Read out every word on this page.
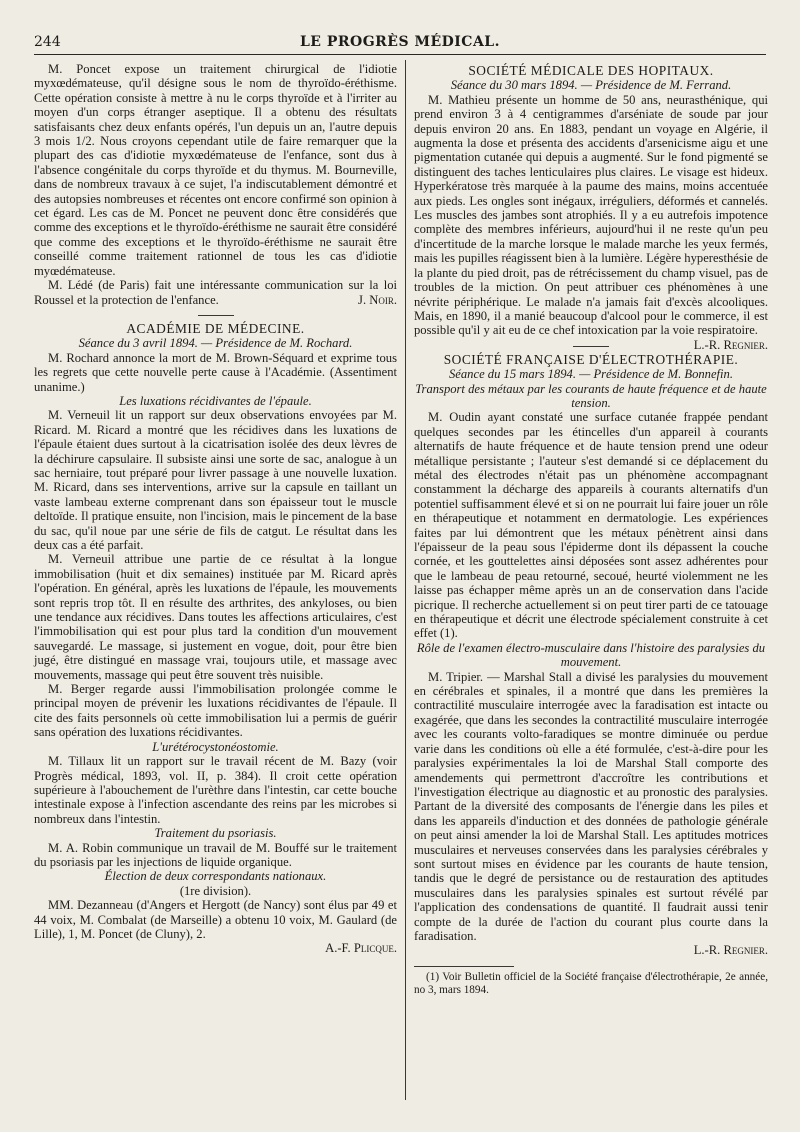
244	LE PROGRÈS MÉDICAL.

M. Poncet expose un traitement chirurgical de l'idiotie myxœdémateuse, qu'il désigne sous le nom de thyroïdo-éréthisme. Cette opération consiste à mettre à nu le corps thyroïde et à l'irriter au moyen d'un corps étranger aseptique. Il a obtenu des résultats satisfaisants chez deux enfants opérés, l'un depuis un an, l'autre depuis 3 mois 1/2. Nous croyons cependant utile de faire remarquer que la plupart des cas d'idiotie myxœdémateuse de l'enfance, sont dus à l'absence congénitale du corps thyroïde et du thymus. M. Bourneville, dans de nombreux travaux à ce sujet, l'a indiscutablement démontré et des autopsies nombreuses et récentes ont encore confirmé son opinion à cet égard. Les cas de M. Poncet ne peuvent donc être considérés que comme des exceptions et le thyroïdo-éréthisme ne saurait être considéré que comme des exceptions et le thyroïdo-éréthisme ne saurait être conseillé comme traitement rationnel de tous les cas d'idiotie myœdémateuse.

M. Lédé (de Paris) fait une intéressante communication sur la loi Roussel et la protection de l'enfance.	J. Noir.

ACADÉMIE DE MÉDECINE.
Séance du 3 avril 1894. — Présidence de M. Rochard.

M. Rochard annonce la mort de M. Brown-Séquard et exprime tous les regrets que cette nouvelle perte cause à l'Académie. (Assentiment unanime.)

Les luxations récidivantes de l'épaule.

M. Verneuil lit un rapport sur deux observations envoyées par M. Ricard. M. Ricard a montré que les récidives dans les luxations de l'épaule étaient dues surtout à la cicatrisation isolée des deux lèvres de la déchirure capsulaire. Il subsiste ainsi une sorte de sac, analogue à un sac herniaire, tout préparé pour livrer passage à une nouvelle luxation. M. Ricard, dans ses interventions, arrive sur la capsule en taillant un vaste lambeau externe comprenant dans son épaisseur tout le muscle deltoïde. Il pratique ensuite, non l'incision, mais le pincement de la base du sac, qu'il noue par une série de fils de catgut. Le résultat dans les deux cas a été parfait.

M. Verneuil attribue une partie de ce résultat à la longue immobilisation (huit et dix semaines) instituée par M. Ricard après l'opération. En général, après les luxations de l'épaule, les mouvements sont repris trop tôt. Il en résulte des arthrites, des ankyloses, ou bien une tendance aux récidives. Dans toutes les affections articulaires, c'est l'immobilisation qui est pour plus tard la condition d'un mouvement sauvegardé. Le massage, si justement en vogue, doit, pour être bien jugé, être distingué en massage vrai, toujours utile, et massage avec mouvements, massage qui peut être souvent très nuisible.

M. Berger regarde aussi l'immobilisation prolongée comme le principal moyen de prévenir les luxations récidivantes de l'épaule. Il cite des faits personnels où cette immobilisation lui a permis de guérir sans opération des luxations récidivantes.

L'urétérocystonéostomie.

M. Tillaux lit un rapport sur le travail récent de M. Bazy (voir Progrès médical, 1893, vol. II, p. 384). Il croit cette opération supérieure à l'abouchement de l'urèthre dans l'intestin, car cette bouche intestinale expose à l'infection ascendante des reins par les microbes si nombreux dans l'intestin.

Traitement du psoriasis.

M. A. Robin communique un travail de M. Bouffé sur le traitement du psoriasis par les injections de liquide organique.

Élection de deux correspondants nationaux.
(1re division).

MM. Dezanneau (d'Angers et Hergott (de Nancy) sont élus par 49 et 44 voix, M. Combalat (de Marseille) a obtenu 10 voix, M. Gaulard (de Lille), 1, M. Poncet (de Cluny), 2.

A.-F. Plicque.

SOCIÉTÉ MÉDICALE DES HOPITAUX.
Séance du 30 mars 1894. — Présidence de M. Ferrand.

M. Mathieu présente un homme de 50 ans, neurasthénique, qui prend environ 3 à 4 centigrammes d'arséniate de soude par jour depuis environ 20 ans. En 1883, pendant un voyage en Algérie, il augmenta la dose et présenta des accidents d'arsenicisme aigu et une pigmentation cutanée qui depuis a augmenté. Sur le fond pigmenté se distinguent des taches lenticulaires plus claires. Le visage est hideux. Hyperkératose très marquée à la paume des mains, moins accentuée aux pieds. Les ongles sont inégaux, irréguliers, déformés et cannelés. Les muscles des jambes sont atrophiés. Il y a eu autrefois impotence complète des membres inférieurs, aujourd'hui il ne reste qu'un peu d'incertitude de la marche lorsque le malade marche les yeux fermés, mais les pupilles réagissent bien à la lumière. Légère hyperesthésie de la plante du pied droit, pas de rétrécissement du champ visuel, pas de troubles de la miction. On peut attribuer ces phénomènes à une névrite périphérique. Le malade n'a jamais fait d'excès alcooliques. Mais, en 1890, il a manié beaucoup d'alcool pour le commerce, il est possible qu'il y ait eu de ce chef intoxication par la voie respiratoire.
L.-R. Regnier.

SOCIÉTÉ FRANÇAISE D'ÉLECTROTHÉRAPIE.
Séance du 15 mars 1894. — Présidence de M. Bonnefin.
Transport des métaux par les courants de haute fréquence et de haute tension.

M. Oudin ayant constaté une surface cutanée frappée pendant quelques secondes par les étincelles d'un appareil à courants alternatifs de haute fréquence et de haute tension prend une odeur métallique persistante ; l'auteur s'est demandé si ce déplacement du métal des électrodes n'était pas un phénomène accompagnant constamment la décharge des appareils à courants alternatifs d'un potentiel suffisamment élevé et si on ne pourrait lui faire jouer un rôle en thérapeutique et notamment en dermatologie. Les expériences faites par lui démontrent que les métaux pénètrent ainsi dans l'épaisseur de la peau sous l'épiderme dont ils dépassent la couche cornée, et les gouttelettes ainsi déposées sont assez adhérentes pour que le lambeau de peau retourné, secoué, heurté violemment ne les laisse pas échapper même après un an de conservation dans l'acide picrique. Il recherche actuellement si on peut tirer parti de ce tatouage en thérapeutique et décrit une électrode spécialement construite à cet effet (1).

Rôle de l'examen électro-musculaire dans l'histoire des paralysies du mouvement.

M. Tripier. — Marshal Stall a divisé les paralysies du mouvement en cérébrales et spinales, il a montré que dans les premières la contractilité musculaire interrogée avec la faradisation est intacte ou exagérée, que dans les secondes la contractilité musculaire interrogée avec les courants volto-faradiques se montre diminuée ou perdue varie dans les conditions où elle a été formulée, c'est-à-dire pour les paralysies expérimentales la loi de Marshal Stall comporte des amendements qui permettront d'accroître les contributions et l'investigation électrique au diagnostic et au pronostic des paralysies. Partant de la diversité des composants de l'énergie dans les piles et dans les appareils d'induction et des données de pathologie générale on peut ainsi amender la loi de Marshal Stall. Les aptitudes motrices musculaires et nerveuses conservées dans les paralysies cérébrales y sont surtout mises en évidence par les courants de haute tension, tandis que le degré de persistance ou de restauration des aptitudes musculaires dans les paralysies spinales est surtout révélé par l'application des condensations de quantité. Il faudrait aussi tenir compte de la durée de l'action du courant plus courte dans la faradisation.

L.-R. Regnier.

(1) Voir Bulletin officiel de la Société française d'électrothérapie, 2e année, no 3, mars 1894.
